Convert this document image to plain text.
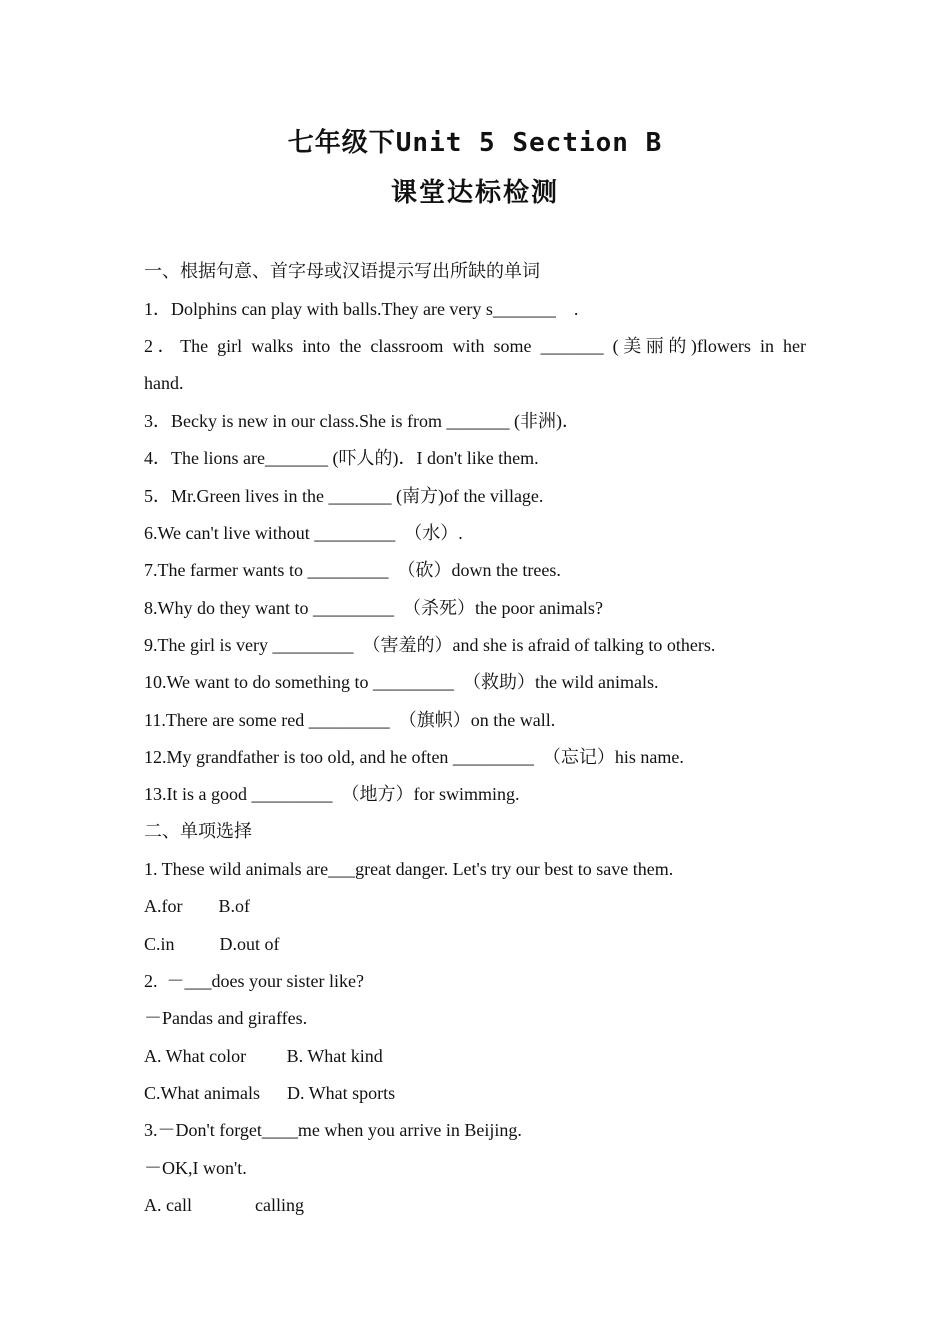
七年级下Unit 5 Section B
课堂达标检测
一、根据句意、首字母或汉语提示写出所缺的单词
1．Dolphins can play with balls.They are very s_______    .
2．The girl walks into the classroom with some _______ (美丽的)flowers in her
hand.
3．Becky is new in our class.She is from _______ (非洲)．
4．The lions are_______ (吓人的)．I don't like them.
5．Mr.Green lives in the _______ (南方)of the village.
6.We can't live without _________  （水）.
7.The farmer wants to _________  （砍）down the trees.
8.Why do they want to _________  （杀死）the poor animals?
9.The girl is very _________  （害羞的）and she is afraid of talking to others.
10.We want to do something to _________  （救助）the wild animals.
11.There are some red _________  （旗帜）on the wall.
12.My grandfather is too old, and he often _________  （忘记）his name.
13.It is a good _________  （地方）for swimming.
二、单项选择
1. These wild animals are___great danger. Let's try our best to save them.
A.for        B.of
C.in          D.out of
2.  －___does your sister like?
－Pandas and giraffes.
A. What color         B. What kind
C.What animals      D. What sports
3.－Don't forget____me when you arrive in Beijing.
－OK,I won't.
A. call              calling
